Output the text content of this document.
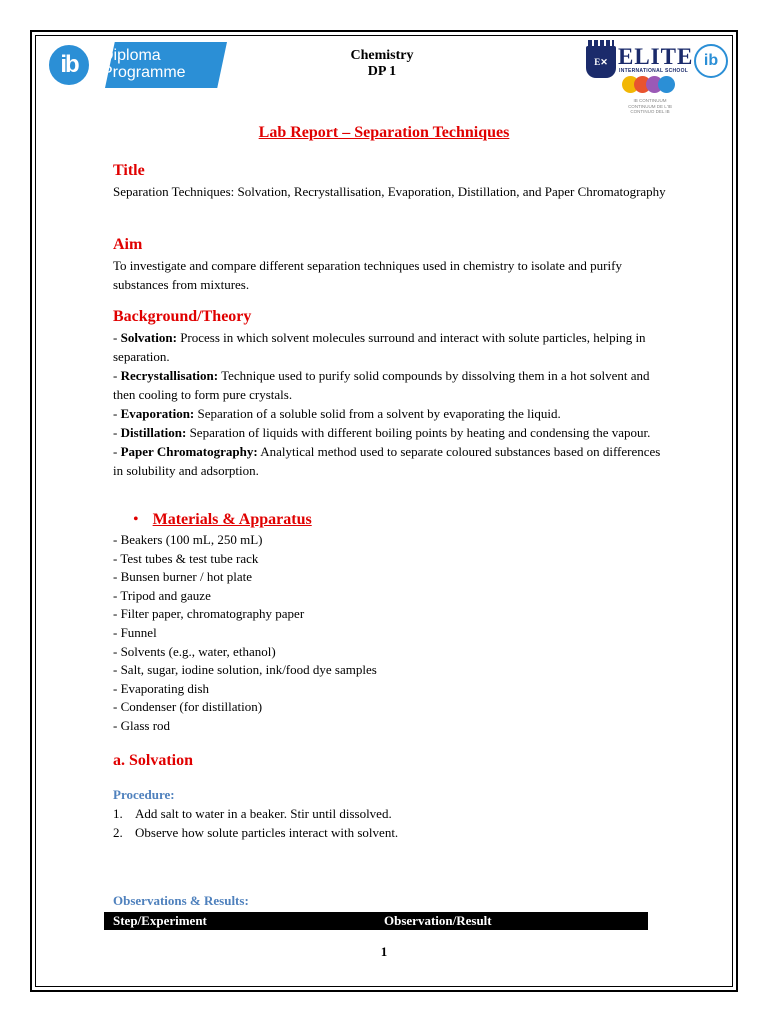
ib	Diploma
Programme
Chemistry
DP 1
E✕ ELITE
INTERNATIONAL SCHOOL
ib
IB CONTINUUM CONTINUUM DE L'IB CONTINUO DEL IB
Lab Report – Separation Techniques
Title

Separation Techniques: Solvation, Recrystallisation, Evaporation, Distillation, and Paper Chromatography

Aim

To investigate and compare different separation techniques used in chemistry to isolate and purify substances from mixtures.

Background/Theory

- Solvation: Process in which solvent molecules surround and interact with solute particles, helping in separation.

- Recrystallisation: Technique used to purify solid compounds by dissolving them in a hot solvent and then cooling to form pure crystals.

- Evaporation: Separation of a soluble solid from a solvent by evaporating the liquid.

- Distillation: Separation of liquids with different boiling points by heating and condensing the vapour.

- Paper Chromatography: Analytical method used to separate coloured substances based on differences in solubility and adsorption.

• Materials & Apparatus
- Beakers (100 mL, 250 mL)
- Test tubes & test tube rack
- Bunsen burner / hot plate
- Tripod and gauze
- Filter paper, chromatography paper
- Funnel
- Solvents (e.g., water, ethanol)
- Salt, sugar, iodine solution, ink/food dye samples
- Evaporating dish
- Condenser (for distillation)
- Glass rod
a. Solvation
Procedure:
1. Add salt to water in a beaker. Stir until dissolved.
2. Observe how solute particles interact with solvent.
Observations & Results:
Step/Experiment	Observation/Result
1
